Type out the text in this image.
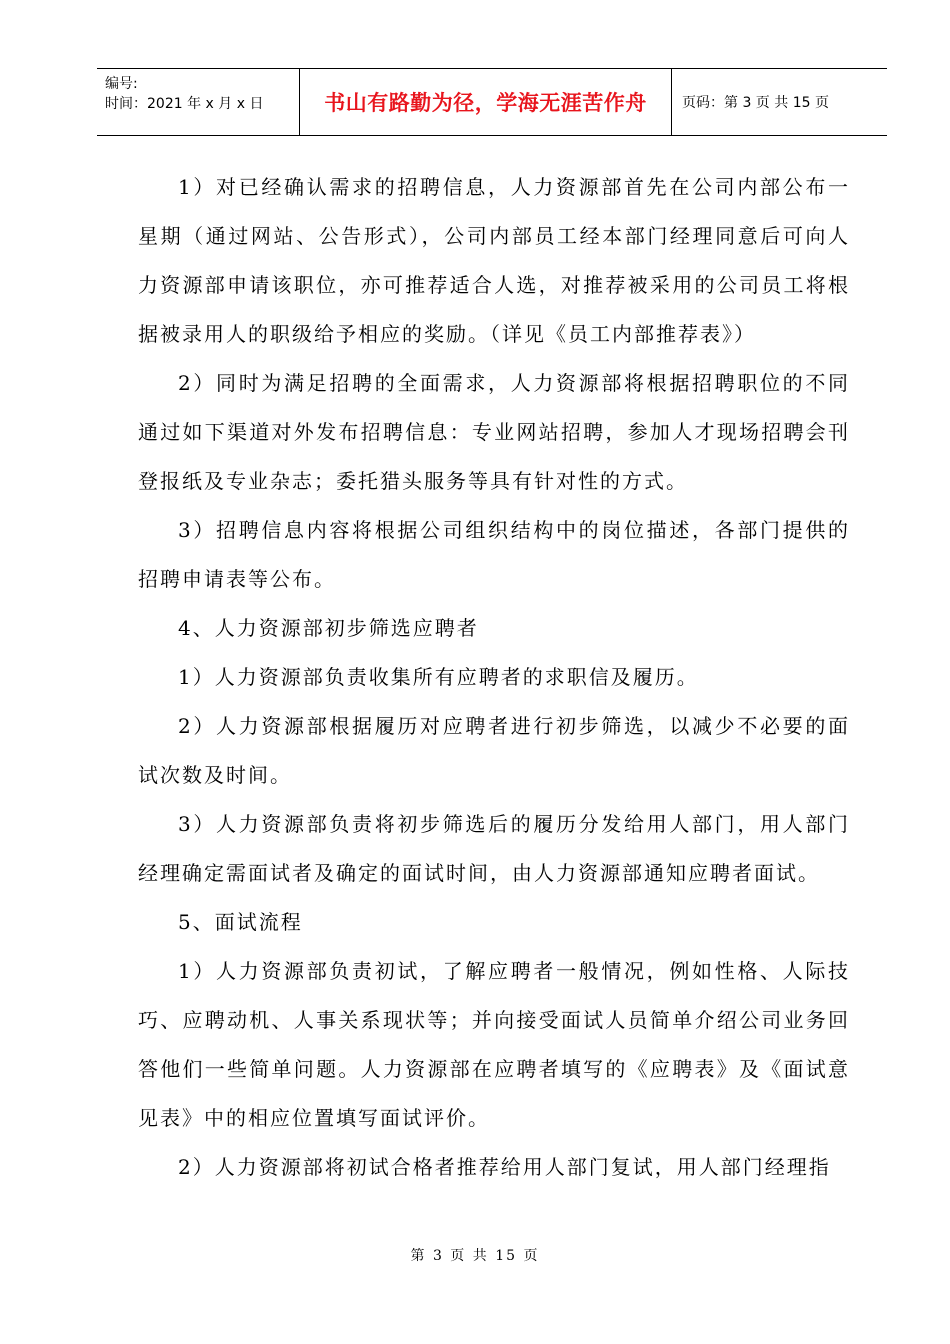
编号:
时间：2021 年 x 月 x 日	书山有路勤为径，学海无涯苦作舟	页码：第 3 页 共 15 页

1）对已经确认需求的招聘信息，人力资源部首先在公司内部公布一星期（通过网站、公告形式），公司内部员工经本部门经理同意后可向人力资源部申请该职位，亦可推荐适合人选，对推荐被采用的公司员工将根据被录用人的职级给予相应的奖励。（详见《员工内部推荐表》）

2）同时为满足招聘的全面需求，人力资源部将根据招聘职位的不同通过如下渠道对外发布招聘信息：专业网站招聘，参加人才现场招聘会刊登报纸及专业杂志；委托猎头服务等具有针对性的方式。

3）招聘信息内容将根据公司组织结构中的岗位描述，各部门提供的招聘申请表等公布。

4、人力资源部初步筛选应聘者

1）人力资源部负责收集所有应聘者的求职信及履历。

2）人力资源部根据履历对应聘者进行初步筛选，以减少不必要的面试次数及时间。

3）人力资源部负责将初步筛选后的履历分发给用人部门，用人部门经理确定需面试者及确定的面试时间，由人力资源部通知应聘者面试。

5、面试流程

1）人力资源部负责初试，了解应聘者一般情况，例如性格、人际技巧、应聘动机、人事关系现状等；并向接受面试人员简单介绍公司业务回答他们一些简单问题。人力资源部在应聘者填写的《应聘表》及《面试意见表》中的相应位置填写面试评价。

2）人力资源部将初试合格者推荐给用人部门复试，用人部门经理指

第 3 页 共 15 页
